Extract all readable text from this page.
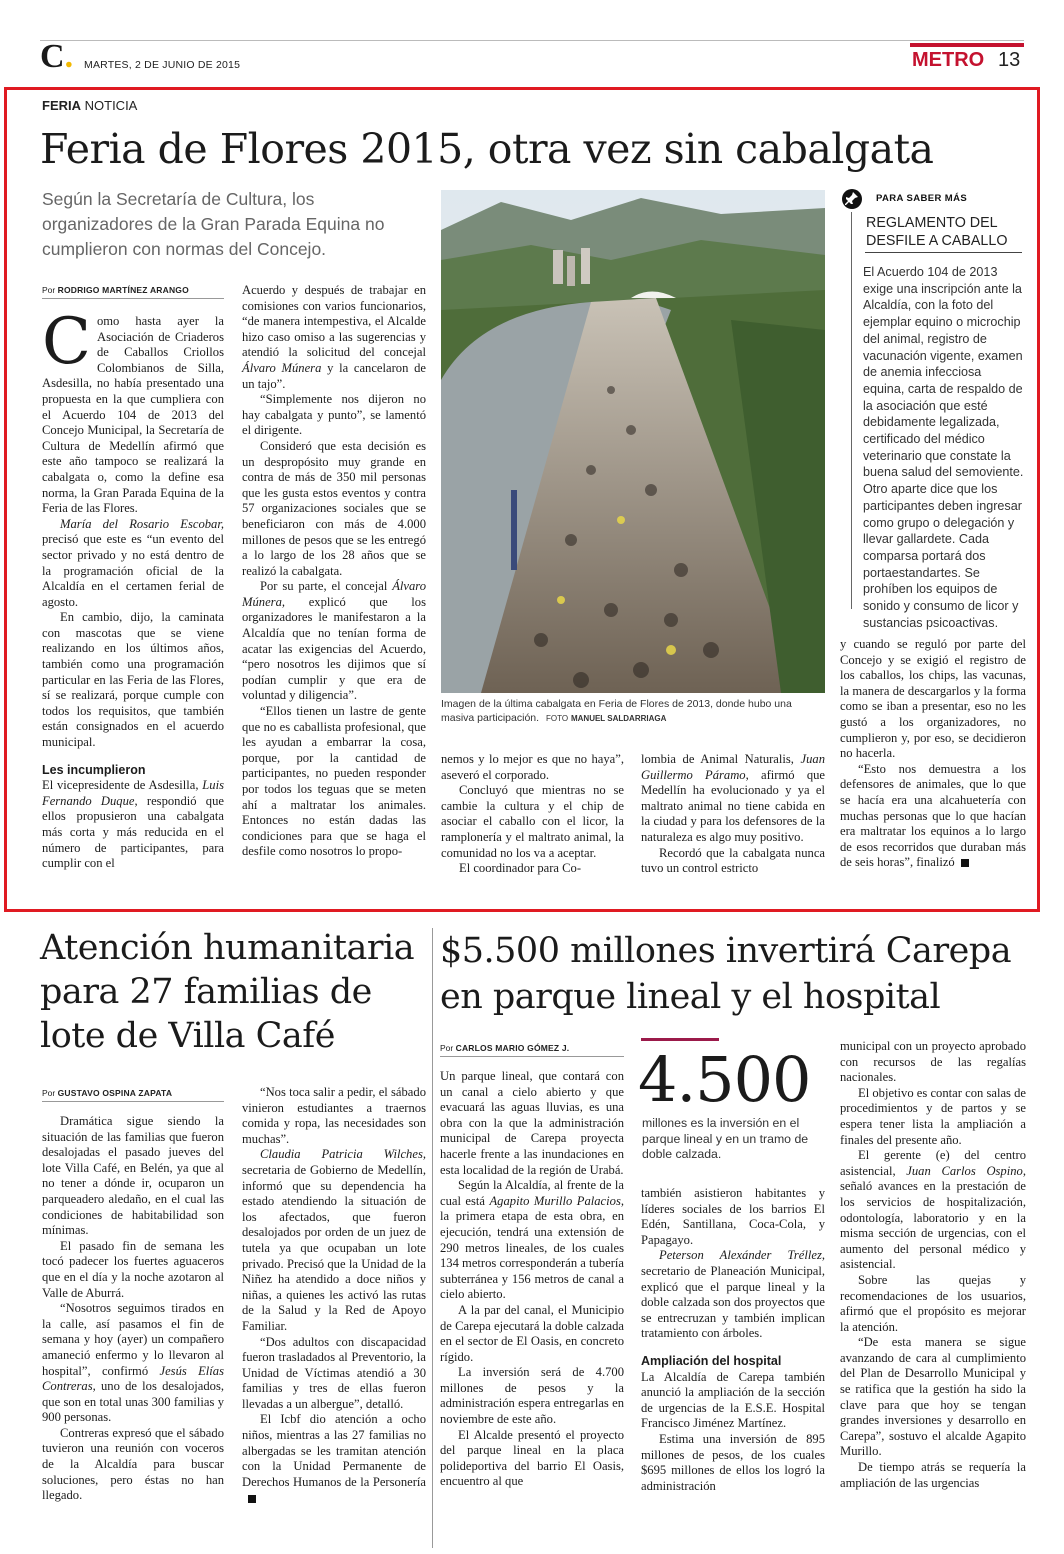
C. MARTES, 2 DE JUNIO DE 2015	METRO 13
FERIA NOTICIA
Feria de Flores 2015, otra vez sin cabalgata
Según la Secretaría de Cultura, los organizadores de la Gran Parada Equina no cumplieron con normas del Concejo.
Por RODRIGO MARTÍNEZ ARANGO

Como hasta ayer la Asociación de Criaderos de Caballos Criollos Colombianos de Silla, Asdesilla, no había presentado una propuesta en la que cumpliera con el Acuerdo 104 de 2013 del Concejo Municipal, la Secretaría de Cultura de Medellín afirmó que este año tampoco se realizará la cabalgata o, como la define esa norma, la Gran Parada Equina de la Feria de las Flores.

María del Rosario Escobar, precisó que este es “un evento del sector privado y no está dentro de la programación oficial de la Alcaldía en el certamen ferial de agosto.

En cambio, dijo, la caminata con mascotas que se viene realizando en los últimos años, también como una programación particular en las Feria de las Flores, sí se realizará, porque cumple con todos los requisitos, que también están consignados en el acuerdo municipal.

Les incumplieron

El vicepresidente de Asdesilla, Luis Fernando Duque, respondió que ellos propusieron una cabalgata más corta y más reducida en el número de participantes, para cumplir con el

Acuerdo y después de trabajar en comisiones con varios funcionarios, “de manera intempestiva, el Alcalde hizo caso omiso a las sugerencias y atendió la solicitud del concejal Álvaro Múnera y la cancelaron de un tajo”.

“Simplemente nos dijeron no hay cabalgata y punto”, se lamentó el dirigente.

Consideró que esta decisión es un despropósito muy grande en contra de más de 350 mil personas que les gusta estos eventos y contra 57 organizaciones sociales que se beneficiaron con más de 4.000 millones de pesos que se les entregó a lo largo de los 28 años que se realizó la cabalgata.

Por su parte, el concejal Álvaro Múnera, explicó que los organizadores le manifestaron a la Alcaldía que no tenían forma de acatar las exigencias del Acuerdo, “pero nosotros les dijimos que sí podían cumplir y que era de voluntad y diligencia”.

“Ellos tienen un lastre de gente que no es caballista profesional, que les ayudan a embarrar la cosa, porque, por la cantidad de participantes, no pueden responder por todos los teguas que se meten ahí a maltratar los animales. Entonces no están dadas las condiciones para que se haga el desfile como nosotros lo propo-

Imagen de la última cabalgata en Feria de Flores de 2013, donde hubo una masiva participación. FOTO MANUEL SALDARRIAGA

nemos y lo mejor es que no haya”, aseveró el corporado.

Concluyó que mientras no se cambie la cultura y el chip de asociar el caballo con el licor, la ramplonería y el maltrato animal, la comunidad no los va a aceptar.

El coordinador para Co-

lombia de Animal Naturalis, Juan Guillermo Páramo, afirmó que Medellín ha evolucionado y ya el maltrato animal no tiene cabida en la ciudad y para los defensores de la naturaleza es algo muy positivo.

Recordó que la cabalgata nunca tuvo un control estricto

PARA SABER MÁS
REGLAMENTO DEL DESFILE A CABALLO
El Acuerdo 104 de 2013 exige una inscripción ante la Alcaldía, con la foto del ejemplar equino o microchip del animal, registro de vacunación vigente, examen de anemia infecciosa equina, carta de respaldo de la asociación que esté debidamente legalizada, certificado del médico veterinario que constate la buena salud del semoviente. Otro aparte dice que los participantes deben ingresar como grupo o delegación y llevar gallardete. Cada comparsa portará dos portaestandartes. Se prohíben los equipos de sonido y consumo de licor y sustancias psicoactivas.

y cuando se reguló por parte del Concejo y se exigió el registro de los caballos, los chips, las vacunas, la manera de descargarlos y la forma como se iban a presentar, eso no les gustó a los organizadores, no cumplieron y, por eso, se decidieron no hacerla.

“Esto nos demuestra a los defensores de animales, que lo que se hacía era una alcahuetería con muchas personas que lo que hacían era maltratar los equinos a lo largo de esos recorridos que duraban más de seis horas”, finalizó

Atención humanitaria
para 27 familias de
lote de Villa Café
Por GUSTAVO OSPINA ZAPATA

Dramática sigue siendo la situación de las familias que fueron desalojadas el pasado jueves del lote Villa Café, en Belén, ya que al no tener a dónde ir, ocuparon un parqueadero aledaño, en el cual las condiciones de habitabilidad son mínimas.

El pasado fin de semana les tocó padecer los fuertes aguaceros que en el día y la noche azotaron al Valle de Aburrá.

“Nosotros seguimos tirados en la calle, así pasamos el fin de semana y hoy (ayer) un compañero amaneció enfermo y lo llevaron al hospital”, confirmó Jesús Elías Contreras, uno de los desalojados, que son en total unas 300 familias y 900 personas.

Contreras expresó que el sábado tuvieron una reunión con voceros de la Alcaldía para buscar soluciones, pero éstas no han llegado.

“Nos toca salir a pedir, el sábado vinieron estudiantes a traernos comida y ropa, las necesidades son muchas”.

Claudia Patricia Wilches, secretaria de Gobierno de Medellín, informó que su dependencia ha estado atendiendo la situación de los afectados, que fueron desalojados por orden de un juez de tutela ya que ocupaban un lote privado. Precisó que la Unidad de la Niñez ha atendido a doce niños y niñas, a quienes les activó las rutas de la Salud y la Red de Apoyo Familiar.

“Dos adultos con discapacidad fueron trasladados al Preventorio, la Unidad de Víctimas atendió a 30 familias y tres de ellas fueron llevadas a un albergue”, detalló.

El Icbf dio atención a ocho niños, mientras a las 27 familias no albergadas se les tramitan atención con la Unidad Permanente de Derechos Humanos de la Personería

$5.500 millones invertirá Carepa
en parque lineal y el hospital
Por CARLOS MARIO GÓMEZ J. 4.500
millones es la inversión en el parque lineal y en un tramo de doble calzada.

Un parque lineal, que contará con un canal a cielo abierto y que evacuará las aguas lluvias, es una obra con la que la administración municipal de Carepa proyecta hacerle frente a las inundaciones en esta localidad de la región de Urabá.

Según la Alcaldía, al frente de la cual está Agapito Murillo Palacios, la primera etapa de esta obra, en ejecución, tendrá una extensión de 290 metros lineales, de los cuales 134 metros corresponderán a tubería subterránea y 156 metros de canal a cielo abierto.

A la par del canal, el Municipio de Carepa ejecutará la doble calzada en el sector de El Oasis, en concreto rígido.

La inversión será de 4.700 millones de pesos y la administración espera entregarlas en noviembre de este año.

El Alcalde presentó el proyecto del parque lineal en la placa polideportiva del barrio El Oasis, encuentro al que

también asistieron habitantes y líderes sociales de los barrios El Edén, Santillana, Coca-Cola, y Papagayo.

Peterson Alexánder Tréllez, secretario de Planeación Municipal, explicó que el parque lineal y la doble calzada son dos proyectos que se entrecruzan y también implican tratamiento con árboles.

Ampliación del hospital

La Alcaldía de Carepa también anunció la ampliación de la sección de urgencias de la E.S.E. Hospital Francisco Jiménez Martínez.

Estima una inversión de 895 millones de pesos, de los cuales $695 millones de ellos los logró la administración

municipal con un proyecto aprobado con recursos de las regalías nacionales.

El objetivo es contar con salas de procedimientos y de partos y se espera tener lista la ampliación a finales del presente año.

El gerente (e) del centro asistencial, Juan Carlos Ospino, señaló avances en la prestación de los servicios de hospitalización, odontología, laboratorio y en la misma sección de urgencias, con el aumento del personal médico y asistencial.

Sobre las quejas y recomendaciones de los usuarios, afirmó que el propósito es mejorar la atención.

“De esta manera se sigue avanzando de cara al cumplimiento del Plan de Desarrollo Municipal y se ratifica que la gestión ha sido la clave para que hoy se tengan grandes inversiones y desarrollo en Carepa”, sostuvo el alcalde Agapito Murillo.

De tiempo atrás se requería la ampliación de las urgencias
